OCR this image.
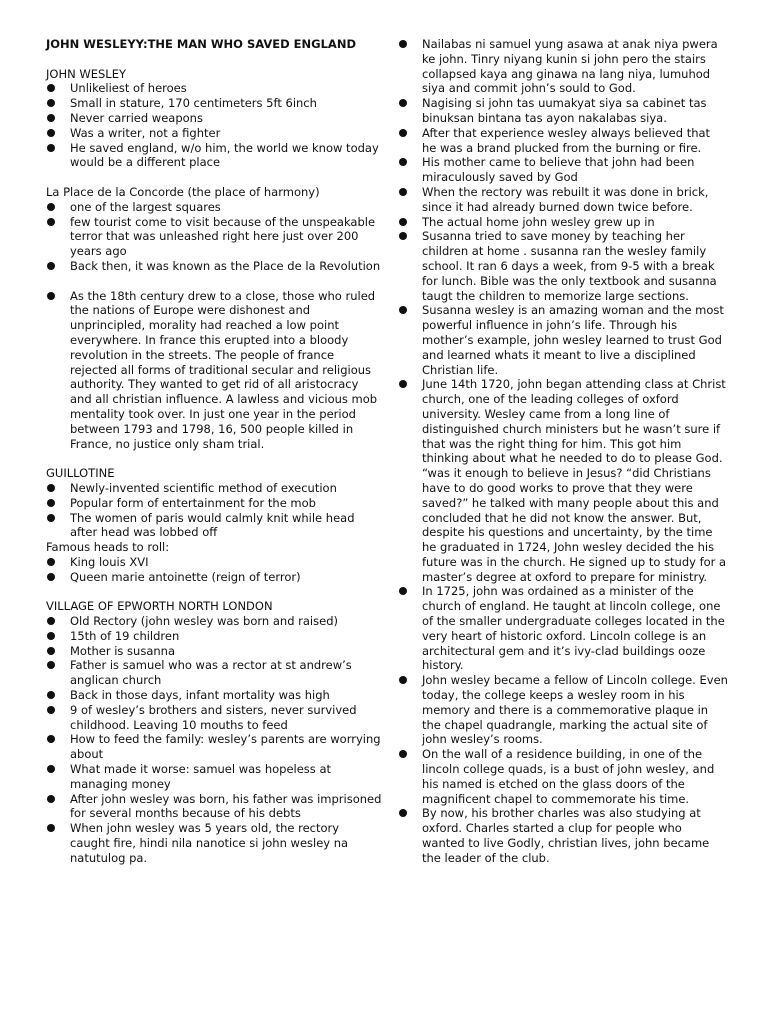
JOHN WESLEYY:THE MAN WHO SAVED ENGLAND
JOHN WESLEY
Unlikeliest of heroes
Small in stature, 170 centimeters 5ft 6inch
Never carried weapons
Was a writer, not a fighter
He saved england, w/o him, the world we know today would be a different place
La Place de la Concorde (the place of harmony)
one of the largest squares
few tourist come to visit because of the unspeakable terror that was unleashed right here just over 200 years ago
Back then, it was known as the Place de la Revolution
As the 18th century drew to a close, those who ruled the nations of Europe were dishonest and unprincipled, morality had reached a low point everywhere. In france this erupted into a bloody revolution in the streets. The people of france rejected all forms of traditional secular and religious authority. They wanted to get rid of all aristocracy and all christian influence. A lawless and vicious mob mentality took over. In just one year in the period between 1793 and 1798, 16, 500 people killed in France, no justice only sham trial.
GUILLOTINE
Newly-invented scientific method of execution
Popular form of entertainment for the mob
The women of paris would calmly knit while head after head was lobbed off
Famous heads to roll:
King louis XVI
Queen marie antoinette (reign of terror)
VILLAGE OF EPWORTH NORTH LONDON
Old Rectory (john wesley was born and raised)
15th of 19 children
Mother is susanna
Father is samuel who was a rector at st andrew’s anglican church
Back in those days, infant mortality was high
9 of wesley’s brothers and sisters, never survived childhood. Leaving 10 mouths to feed
How to feed the family: wesley’s parents are worrying about
What made it worse: samuel was hopeless at managing money
After john wesley was born, his father was imprisoned for several months because of his debts
When john wesley was 5 years old, the rectory caught fire, hindi nila nanotice si john wesley na natutulog pa.
Nailabas ni samuel yung asawa at anak niya pwera ke john. Tinry niyang kunin si john pero the stairs collapsed kaya ang ginawa na lang niya, lumuhod siya and commit john’s sould to God.
Nagising si john tas uumakyat siya sa cabinet tas binuksan bintana tas ayon nakalabas siya.
After that experience wesley always believed that he was a brand plucked from the burning or fire.
His mother came to believe that john had been miraculously saved by God
When the rectory was rebuilt it was done in brick, since it had already burned down twice before.
The actual home john wesley grew up in
Susanna tried to save money by teaching her children at home . susanna ran the wesley family school. It ran 6 days a week, from 9-5 with a break for lunch. Bible was the only textbook and susanna taugt the children to memorize large sections.
Susanna wesley is an amazing woman and the most powerful influence in john’s life. Through his mother’s example, john wesley learned to trust God and learned whats it meant to live a disciplined Christian life.
June 14th 1720, john began attending class at Christ church, one of the leading colleges of oxford university. Wesley came from a long line of distinguished church ministers but he wasn’t sure if that was the right thing for him. This got him thinking about what he needed to do to please God. “was it enough to believe in Jesus? “did Christians have to do good works to prove that they were saved?” he talked with many people about this and concluded that he did not know the answer. But, despite his questions and uncertainty, by the time he graduated in 1724, John wesley decided the his future was in the church. He signed up to study for a master’s degree at oxford to prepare for ministry.
In 1725, john was ordained as a minister of the church of england. He taught at lincoln college, one of the smaller undergraduate colleges located in the very heart of historic oxford. Lincoln college is an architectural gem and it’s ivy-clad buildings ooze history.
John wesley became a fellow of Lincoln college. Even today, the college keeps a wesley room in his memory and there is a commemorative plaque in the chapel quadrangle, marking the actual site of john wesley’s rooms.
On the wall of a residence building, in one of the lincoln college quads, is a bust of john wesley, and his named is etched on the glass doors of the magnificent chapel to commemorate his time.
By now, his brother charles was also studying at oxford. Charles started a clup for people who wanted to live Godly, christian lives, john became the leader of the club.
